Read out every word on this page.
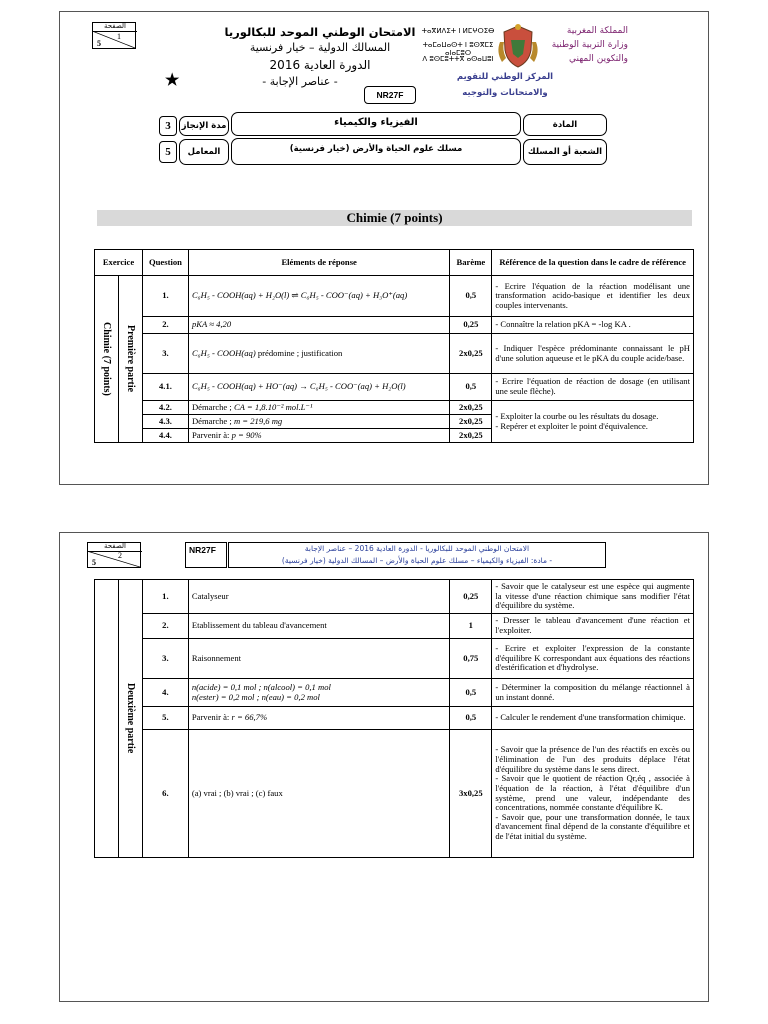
الصفحة
1
5
الامتحان الوطني الموحد للبكالوريا
المسالك الدولية – خيار فرنسية
الدورة العادية 2016
- عناصر الإجابة -
★
NR27F
ⵜⴰⴳⵍⴷⵉⵜ ⵏ ⵍⵎⵖⵔⵉⴱ
ⵜⴰⵎⴰⵡⴰⵙⵜ ⵏ ⵓⵙⴳⵎⵉ ⴰⵏⴰⵎⵓⵔ
ⴷ ⵓⵙⵎⵓⵜⵜⴳ ⴰⵙⴰⵡⵓⵏ
المملكة المغربية
وزارة التربية الوطنية
والتكوين المهني
المركز الوطني للتقويم
والامتحانات والتوجيه
3	مدة الإنجاز	الفيزياء والكيمياء	المادة
5	المعامل	مسلك علوم الحياة والأرض (خيار فرنسية)	الشعبة أو المسلك
Chimie (7 points)
Exercice		Question	Eléments de réponse	Barème	Référence de la question dans le cadre de référence

Chimie (7 points)	Première partie	1.	C₆H₅ - COOH(aq) + H₂O(l) ⇌ C₆H₅ - COO⁻(aq) + H₃O⁺(aq)	0,5	- Ecrire l'équation de la réaction modélisant une transformation acido-basique et identifier les deux couples intervenants.
		2.	pKA ≈ 4,20	0,25	- Connaître la relation pKA = -log KA .
		3.	C₆H₅ - COOH(aq) prédomine ; justification	2x0,25	- Indiquer l'espèce prédominante connaissant le pH d'une solution aqueuse et le pKA du couple acide/base.
		4.1.	C₆H₅ - COOH(aq) + HO⁻(aq) → C₆H₅ - COO⁻(aq) + H₂O(l)	0,5	- Ecrire l'équation de réaction de dosage (en utilisant une seule flèche).
		4.2.	Démarche ; CA = 1,8.10⁻² mol.L⁻¹	2x0,25	- Exploiter la courbe ou les résultats du dosage.
- Repérer et exploiter le point d'équivalence.
		4.3.	Démarche ; m = 219,6 mg	2x0,25	
		4.4.	Parvenir à: p = 90%	2x0,25	
الصفحة
2
5
NR27F	الامتحان الوطني الموحد للبكالوريا - الدورة العادية 2016 – عناصر الإجابة
- مادة: الفيزياء والكيمياء – مسلك علوم الحياة والأرض – المسالك الدولية (خيار فرنسية)

	Deuxième partie	1.	Catalyseur	0,25	- Savoir que le catalyseur est une espèce qui augmente la vitesse d'une réaction chimique sans modifier l'état d'équilibre du système.
		2.	Etablissement du tableau d'avancement	1	- Dresser le tableau d'avancement d'une réaction et l'exploiter.
		3.	Raisonnement	0,75	- Ecrire et exploiter l'expression de la constante d'équilibre K correspondant aux équations des réactions d'estérification et d'hydrolyse.
		4.	n(acide) = 0,1 mol ; n(alcool) = 0,1 mol
n(ester) = 0,2 mol ; n(eau) = 0,2 mol	0,5	- Déterminer la composition du mélange réactionnel à un instant donné.
		5.	Parvenir à: r = 66,7%	0,5	- Calculer le rendement d'une transformation chimique.
		6.	(a) vrai ; (b) vrai ; (c) faux	3x0,25	- Savoir que la présence de l'un des réactifs en excès ou l'élimination de l'un des produits déplace l'état d'équilibre du système dans le sens direct.
- Savoir que le quotient de réaction Qr,éq , associée à l'équation de la réaction, à l'état d'équilibre d'un système, prend une valeur, indépendante des concentrations, nommée constante d'équilibre K.
- Savoir que, pour une transformation donnée, le taux d'avancement final dépend de la constante d'équilibre et de l'état initial du système.
